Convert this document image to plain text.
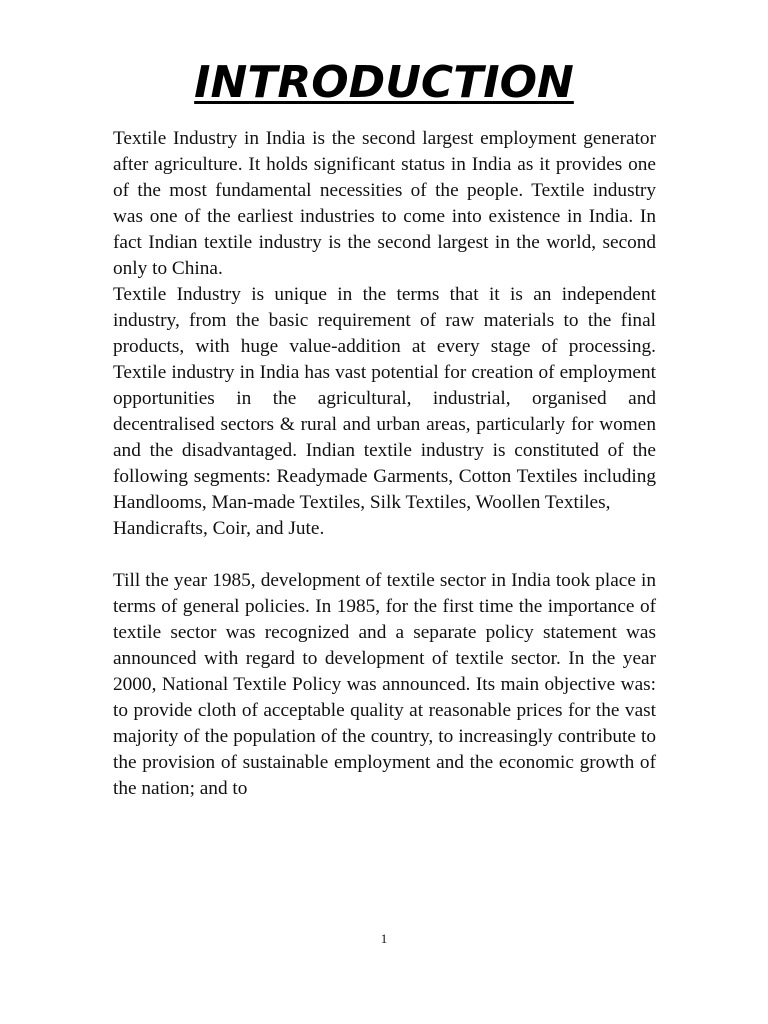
INTRODUCTION

Textile Industry in India is the second largest employment generator after agriculture. It holds significant status in India as it provides one of the most fundamental necessities of the people. Textile industry was one of the earliest industries to come into existence in India. In fact Indian textile industry is the second largest in the world, second only to China.

Textile Industry is unique in the terms that it is an independent industry, from the basic requirement of raw materials to the final products, with huge value-addition at every stage of processing. Textile industry in India has vast potential for creation of employment opportunities in the agricultural, industrial, organised and decentralised sectors & rural and urban areas, particularly for women and the disadvantaged. Indian textile industry is constituted of the following segments: Readymade Garments, Cotton Textiles including Handlooms, Man-made Textiles, Silk Textiles, Woollen Textiles,

Handicrafts, Coir, and Jute.

Till the year 1985, development of textile sector in India took place in terms of general policies. In 1985, for the first time the importance of textile sector was recognized and a separate policy statement was announced with regard to development of textile sector. In the year 2000, National Textile Policy was announced. Its main objective was: to provide cloth of acceptable quality at reasonable prices for the vast majority of the population of the country, to increasingly contribute to the provision of sustainable employment and the economic growth of the nation; and to

1
